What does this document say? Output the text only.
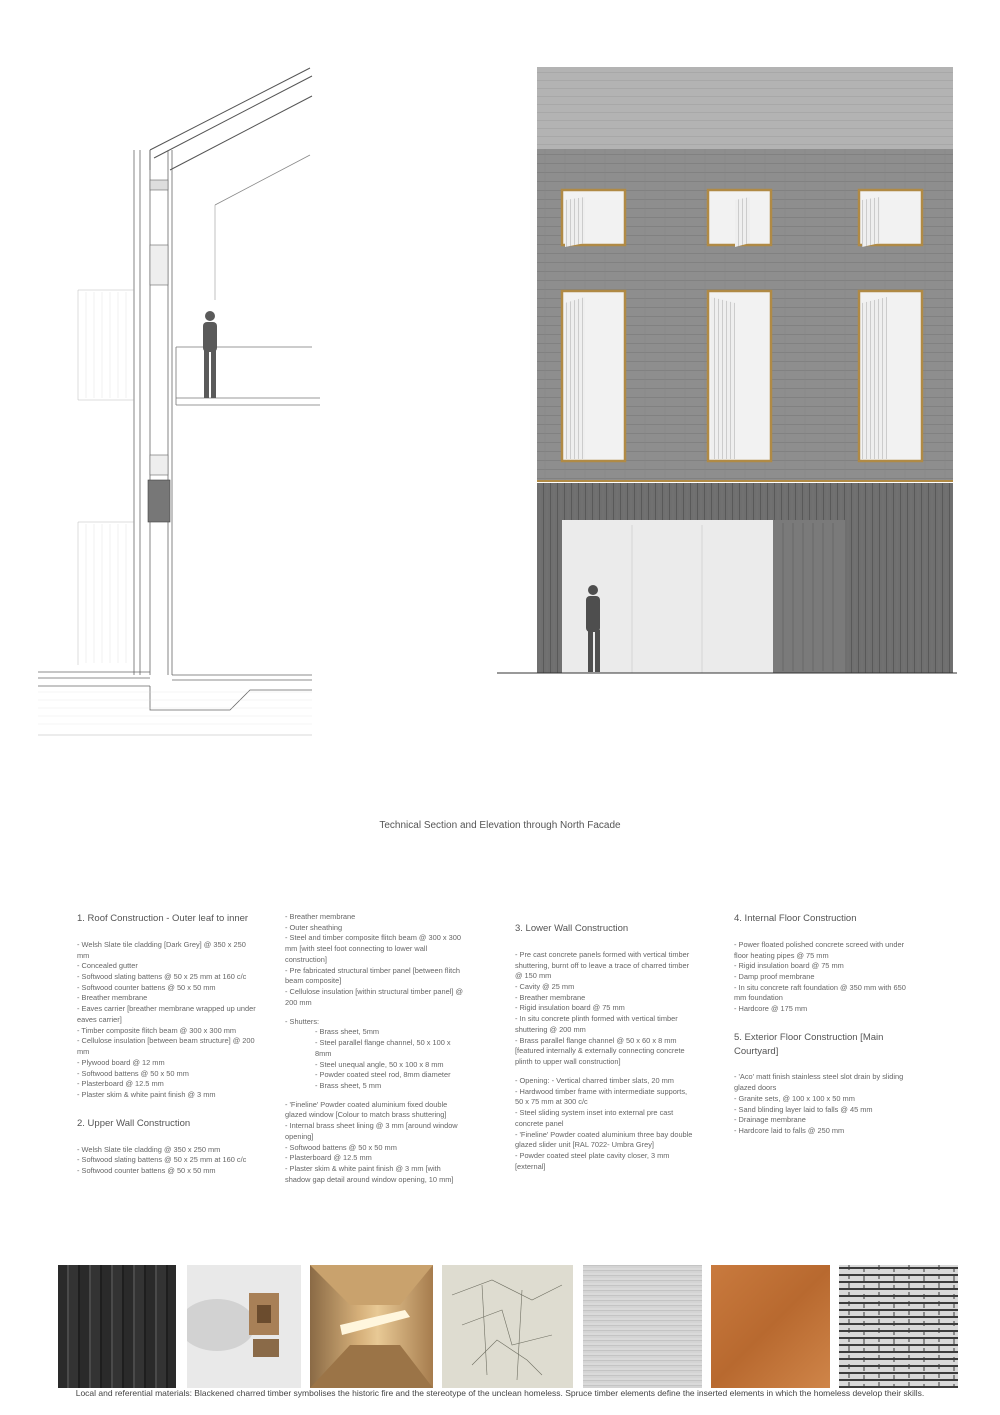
Technical Section and Elevation through North Facade
1. Roof Construction - Outer leaf to inner
- Welsh Slate tile cladding [Dark Grey] @ 350 x 250 mm
- Concealed gutter
- Softwood slating battens @ 50 x 25 mm at 160 c/c
- Softwood counter battens @ 50 x 50 mm
- Breather membrane
- Eaves carrier [breather membrane wrapped up under eaves carrier]
- Timber composite flitch beam @ 300 x 300 mm
- Cellulose insulation [between beam structure] @ 200 mm
- Plywood board @ 12 mm
- Softwood battens @ 50 x 50 mm
- Plasterboard @ 12.5 mm
- Plaster skim & white paint finish @ 3 mm
2. Upper Wall Construction
- Welsh Slate tile cladding @ 350 x 250 mm
- Softwood slating battens @ 50 x 25 mm at 160 c/c
- Softwood counter battens @ 50 x 50 mm
- Breather membrane
- Outer sheathing
- Steel and timber composite flitch beam @ 300 x 300 mm [with steel foot connecting to lower wall construction]
- Pre fabricated structural timber panel [between flitch beam composite]
- Cellulose insulation [within structural timber panel] @ 200 mm
- Shutters:
- Brass sheet, 5mm
- Steel parallel flange channel, 50 x 100 x 8mm
- Steel unequal angle, 50 x 100 x 8 mm
- Powder coated steel rod, 8mm diameter
- Brass sheet, 5 mm
- 'Fineline' Powder coated aluminium fixed double glazed window [Colour to match brass shuttering]
- Internal brass sheet lining @ 3 mm [around window opening]
- Softwood battens @ 50 x 50 mm
- Plasterboard @ 12.5 mm
- Plaster skim & white paint finish @ 3 mm [with shadow gap detail around window opening, 10 mm]
3. Lower Wall Construction
- Pre cast concrete panels formed with vertical timber shuttering, burnt off to leave a trace of charred timber @ 150 mm
- Cavity @ 25 mm
- Breather membrane
- Rigid insulation board @ 75 mm
- In situ concrete plinth formed with vertical timber shuttering @ 200 mm
- Brass parallel flange channel @ 50 x 60 x 8 mm [featured internally & externally connecting concrete plinth to upper wall construction]
- Opening: - Vertical charred timber slats, 20 mm
- Hardwood timber frame with intermediate supports, 50 x 75 mm at 300 c/c
- Steel sliding system inset into external pre cast concrete panel
- 'Fineline' Powder coated aluminium three bay double glazed slider unit [RAL 7022- Umbra Grey]
- Powder coated steel plate cavity closer, 3 mm [external]
4. Internal Floor Construction
- Power floated polished concrete screed with under floor heating pipes @ 75 mm
- Rigid insulation board @ 75 mm
- Damp proof membrane
- In situ concrete raft foundation @ 350 mm with 650 mm foundation
- Hardcore @ 175 mm
5. Exterior Floor Construction [Main Courtyard]
- 'Aco' matt finish stainless steel slot drain by sliding glazed doors
- Granite sets, @ 100 x 100 x 50 mm
- Sand blinding layer laid to falls @ 45 mm
- Drainage membrane
- Hardcore laid to falls @ 250 mm
Local and referential materials: Blackened charred timber symbolises the historic fire and the stereotype of the unclean homeless. Spruce timber elements define the inserted elements in which the homeless develop their skills.
